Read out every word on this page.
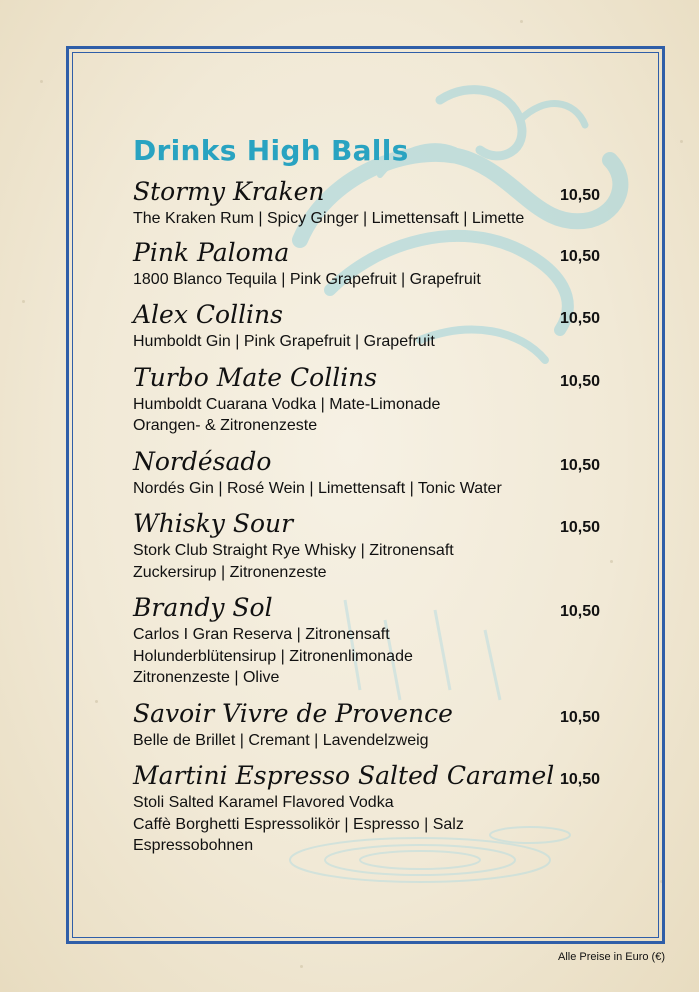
Drinks High Balls
Stormy Kraken	10,50
The Kraken Rum | Spicy Ginger | Limettensaft | Limette
Pink Paloma	10,50
1800 Blanco Tequila | Pink Grapefruit | Grapefruit
Alex Collins	10,50
Humboldt Gin | Pink Grapefruit | Grapefruit
Turbo Mate Collins	10,50
Humboldt Cuarana Vodka | Mate-Limonade
Orangen- & Zitronenzeste
Nordésado	10,50
Nordés Gin | Rosé Wein | Limettensaft | Tonic Water
Whisky Sour	10,50
Stork Club Straight Rye Whisky | Zitronensaft
Zuckersirup | Zitronenzeste
Brandy Sol	10,50
Carlos I Gran Reserva | Zitronensaft
Holunderblütensirup | Zitronenlimonade
Zitronenzeste | Olive
Savoir Vivre de Provence	10,50
Belle de Brillet | Cremant | Lavendelzweig
Martini Espresso Salted Caramel 10,50
Stoli Salted Karamel Flavored Vodka
Caffè Borghetti Espressolikör | Espresso | Salz
Espressobohnen
Alle Preise in Euro (€)
